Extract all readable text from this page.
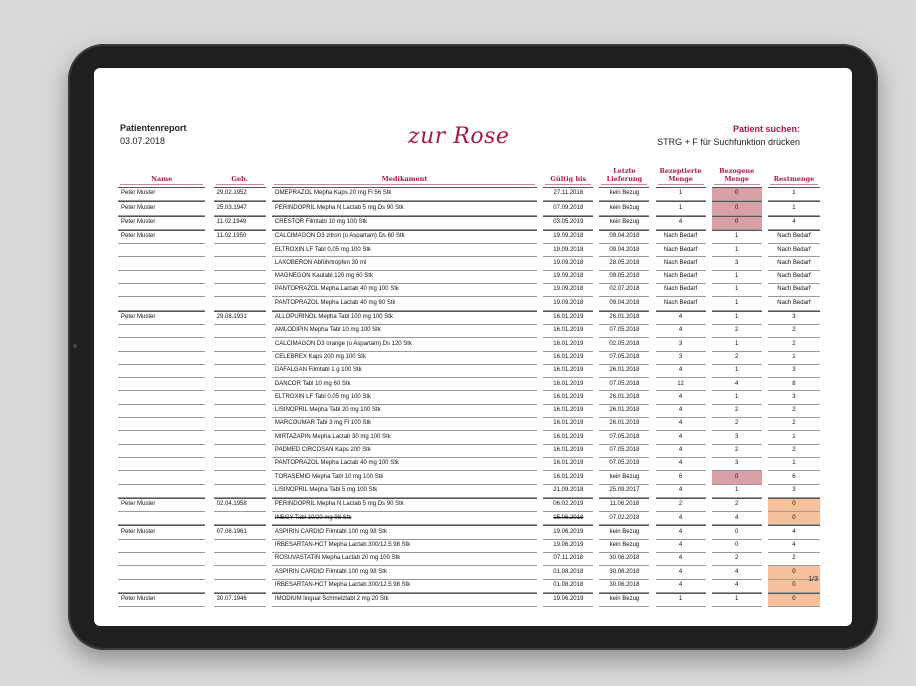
Patientenreport
03.07.2018	zur Rose	Patient suchen:
STRG + F für Suchfunktion drücken
Name		Geb.		Medikament		Gültig bis		Letzte Lieferung		Rezeptierte Menge		Bezogene Menge		Restmenge

Peter Muster		29.02.1952		OMEPRAZOL Mepha Kaps 20 mg Fl 56 Stk		27.11.2018		kein Bezug		1		0		1
Peter Muster		25.03.1947		PERINDOPRIL Mepha N Lactab 5 mg Ds 90 Stk		07.09.2018		kein Bezug		1		0		1
Peter Muster		11.02.1949		CRESTOR Filmtabl 10 mg 100 Stk		03.05.2019		kein Bezug		4		0		4
Peter Muster		11.02.1950		CALCIMAGON D3 zitron (o Aspartam) Ds 60 Stk		19.09.2018		09.04.2018		Nach Bedarf		1		Nach Bedarf
				ELTROXIN LF Tabl 0.05 mg 100 Stk		19.09.2018		09.04.2018		Nach Bedarf		1		Nach Bedarf
				LAXOBERON Abführtropfen 30 ml		19.09.2018		28.05.2018		Nach Bedarf		3		Nach Bedarf
				MAGNEGON Kautabl 120 mg 60 Stk		19.09.2018		09.05.2018		Nach Bedarf		1		Nach Bedarf
				PANTOPRAZOL Mepha Lactab 40 mg 100 Stk		19.09.2018		02.07.2018		Nach Bedarf		1		Nach Bedarf
				PANTOPRAZOL Mepha Lactab 40 mg 60 Stk		19.09.2018		09.04.2018		Nach Bedarf		1		Nach Bedarf
Peter Muster		29.08.1931		ALLOPURINOL Mepha Tabl 100 mg 100 Stk		16.01.2019		26.01.2018		4		1		3
				AMLODIPIN Mepha Tabl 10 mg 100 Stk		16.01.2019		07.05.2018		4		2		2
				CALCIMAGON D3 orange (o Aspartam) Ds 120 Stk		16.01.2019		02.05.2018		3		1		2
				CELEBREX Kaps 200 mg 100 Stk		16.01.2019		07.05.2018		3		2		1
				DAFALGAN Filmtabl 1 g 100 Stk		16.01.2019		26.01.2018		4		1		3
				DANCOR Tabl 10 mg 60 Stk		16.01.2019		07.05.2018		12		4		8
				ELTROXIN LF Tabl 0.05 mg 100 Stk		16.01.2019		26.01.2018		4		1		3
				LISINOPRIL Mepha Tabl 20 mg 100 Stk		16.01.2019		26.01.2018		4		2		2
				MARCOUMAR Tabl 3 mg Fl 100 Stk		16.01.2019		26.01.2018		4		2		2
				MIRTAZAPIN Mepha Lactab 30 mg 100 Stk		16.01.2019		07.05.2018		4		3		1
				PADMED CIRCOSAN Kaps 200 Stk		16.01.2019		07.05.2018		4		2		2
				PANTOPRAZOL Mepha Lactab 40 mg 100 Stk		16.01.2019		07.05.2018		4		3		1
				TORASEMID Mepha Tabl 10 mg 100 Stk		16.01.2019		kein Bezug		6		0		6
				LISINOPRIL Mepha Tabl 5 mg 100 Stk		21.09.2018		25.09.2017		4		1		3
Peter Muster		02.04.1958		PERINDOPRIL Mepha N Lactab 5 mg Ds 90 Stk		06.02.2019		11.06.2018		2		2		0
				INEGY Tabl 10/20 mg 98 Stk		15.06.2018		07.02.2018		4		4		0
Peter Muster		07.06.1961		ASPIRIN CARDIO Filmtabl 100 mg 98 Stk		19.06.2019		kein Bezug		4		0		4
				IRBESARTAN-HCT Mepha Lactab 300/12.5 98 Stk		19.06.2019		kein Bezug		4		0		4
				ROSUVASTATIN Mepha Lactab 20 mg 100 Stk		07.11.2018		30.06.2018		4		2		2
				ASPIRIN CARDIO Filmtabl 100 mg 98 Stk		01.08.2018		30.06.2018		4		4		0
				IRBESARTAN-HCT Mepha Lactab 300/12.5 98 Stk		01.08.2018		30.06.2018		4		4		0
Peter Muster		30.07.1946		IMODIUM lingual Schmelztabl 2 mg 20 Stk		19.06.2019		kein Bezug		1		1		0
1/3
